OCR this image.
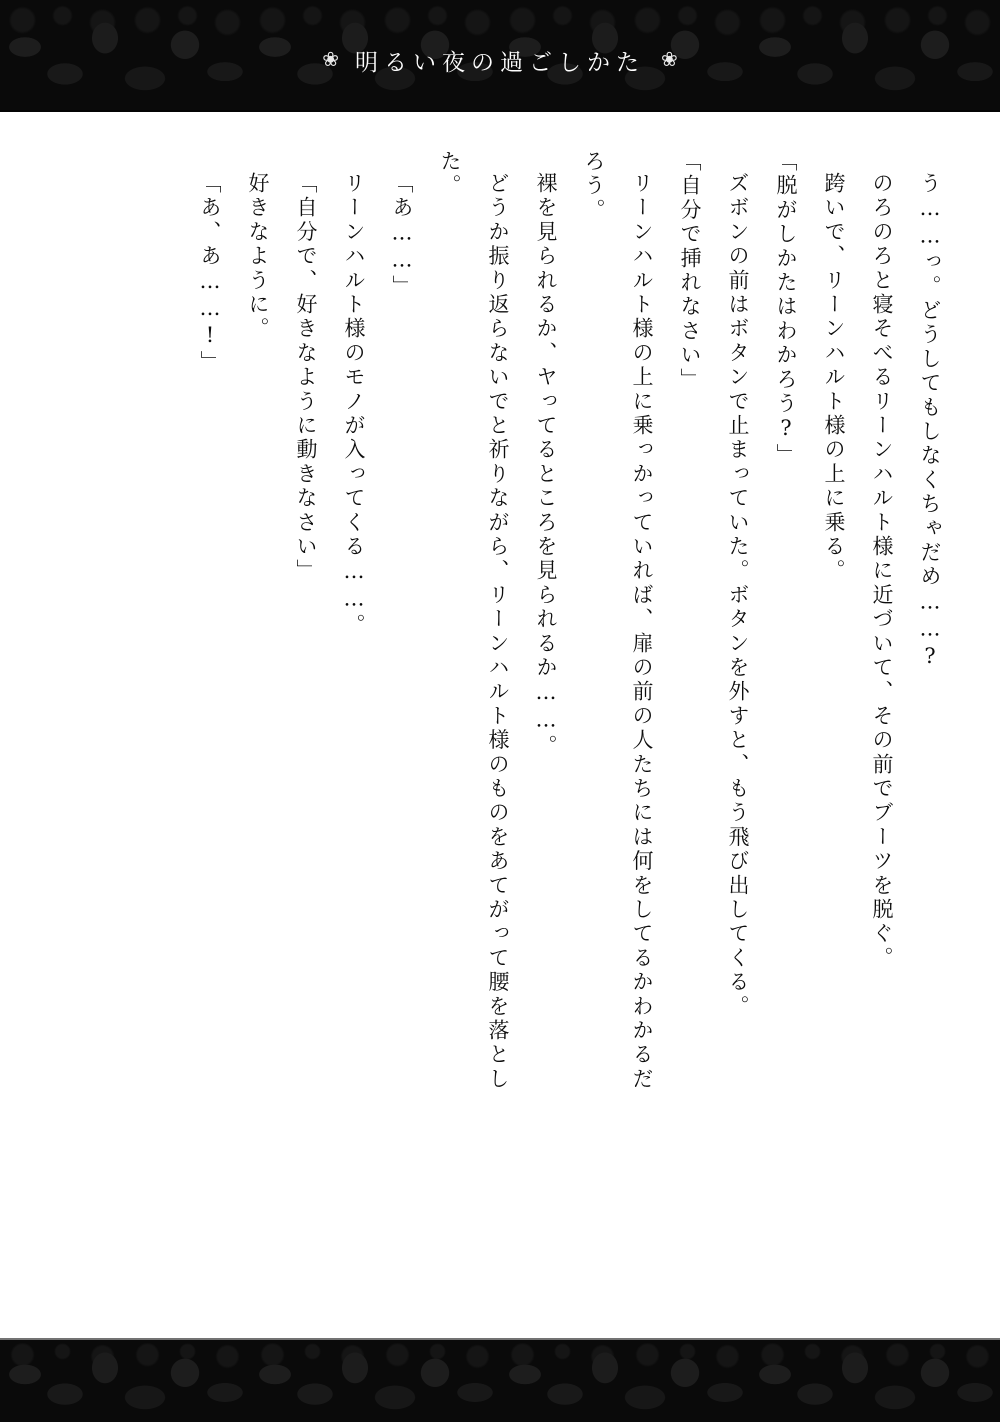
❀ 明るい夜の過ごしかた ❀
う……っ。どうしてもしなくちゃだめ……?
のろのろと寝そべるリーンハルト様に近づいて、その前でブーツを脱ぐ。
跨いで、リーンハルト様の上に乗る。
「脱がしかたはわかろう?」
ズボンの前はボタンで止まっていた。ボタンを外すと、もう飛び出してくる。
「自分で挿れなさい」
リーンハルト様の上に乗っかっていれば、扉の前の人たちには何をしてるかわかるだ
ろう。
裸を見られるか、ヤってるところを見られるか……。
どうか振り返らないでと祈りながら、リーンハルト様のものをあてがって腰を落とし
た。
「あ……」
リーンハルト様のモノが入ってくる……。
「自分で、好きなように動きなさい」
好きなように。
「あ、あ……!」
